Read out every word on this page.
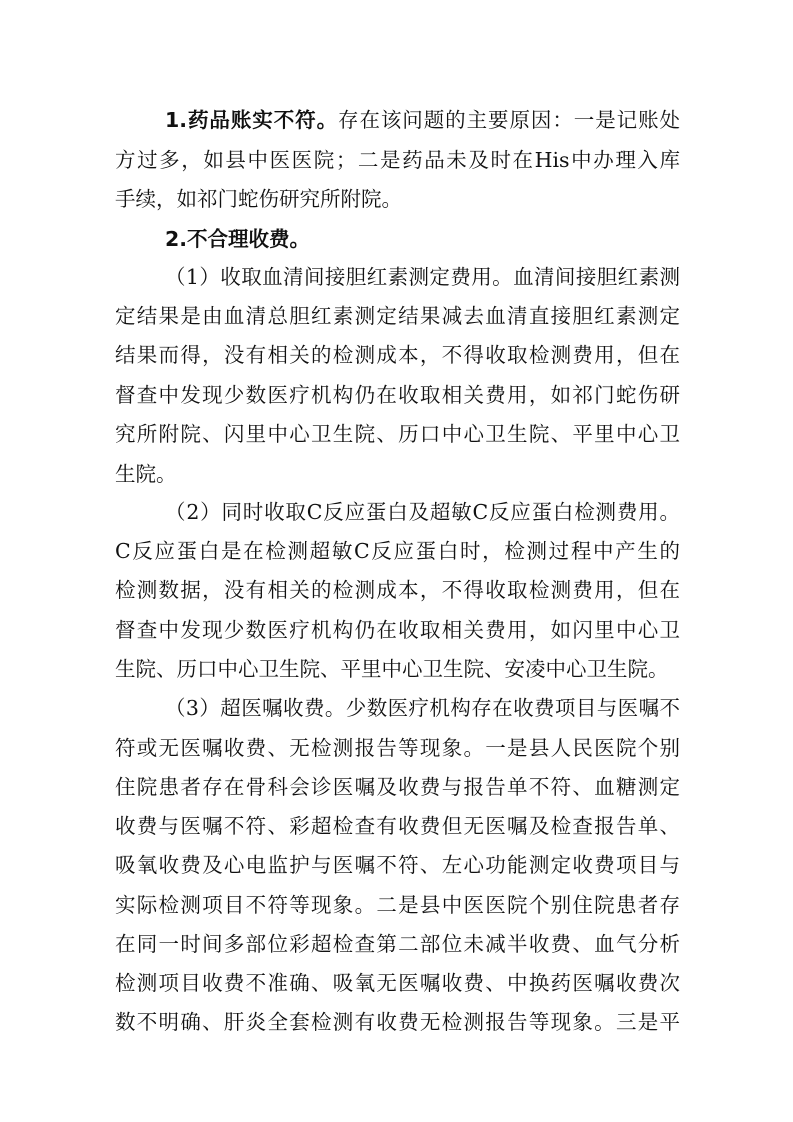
1.药品账实不符。存在该问题的主要原因：一是记账处
方过多，如县中医医院；二是药品未及时在His中办理入库
手续，如祁门蛇伤研究所附院。
2.不合理收费。
（1）收取血清间接胆红素测定费用。血清间接胆红素测
定结果是由血清总胆红素测定结果减去血清直接胆红素测定
结果而得，没有相关的检测成本，不得收取检测费用，但在
督查中发现少数医疗机构仍在收取相关费用，如祁门蛇伤研
究所附院、闪里中心卫生院、历口中心卫生院、平里中心卫
生院。
（2）同时收取C反应蛋白及超敏C反应蛋白检测费用。
C反应蛋白是在检测超敏C反应蛋白时，检测过程中产生的
检测数据，没有相关的检测成本，不得收取检测费用，但在
督查中发现少数医疗机构仍在收取相关费用，如闪里中心卫
生院、历口中心卫生院、平里中心卫生院、安凌中心卫生院。
（3）超医嘱收费。少数医疗机构存在收费项目与医嘱不
符或无医嘱收费、无检测报告等现象。一是县人民医院个别
住院患者存在骨科会诊医嘱及收费与报告单不符、血糖测定
收费与医嘱不符、彩超检查有收费但无医嘱及检查报告单、
吸氧收费及心电监护与医嘱不符、左心功能测定收费项目与
实际检测项目不符等现象。二是县中医医院个别住院患者存
在同一时间多部位彩超检查第二部位未减半收费、血气分析
检测项目收费不准确、吸氧无医嘱收费、中换药医嘱收费次
数不明确、肝炎全套检测有收费无检测报告等现象。三是平
